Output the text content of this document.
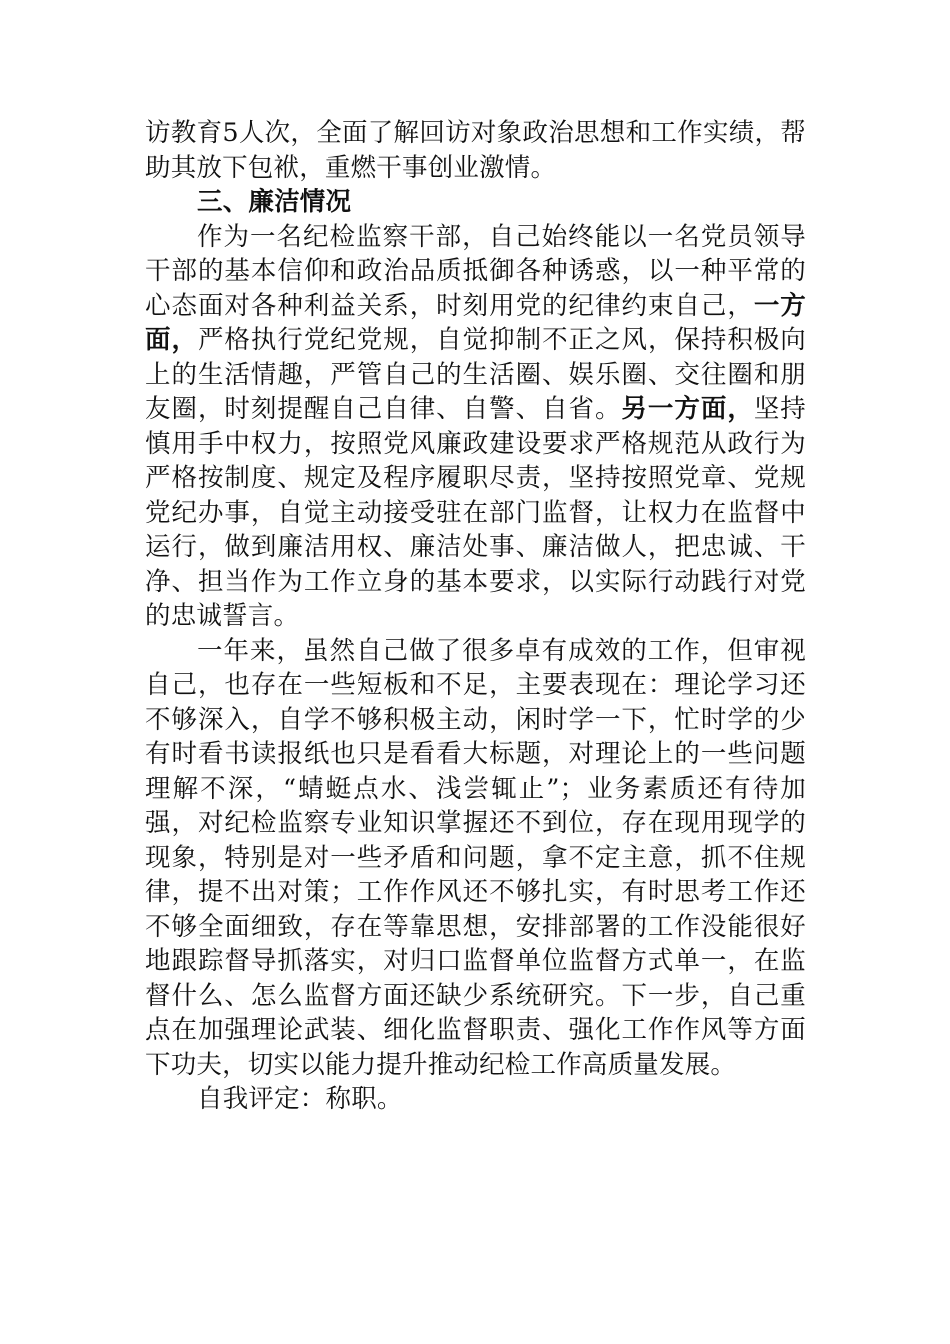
访教育5人次，全面了解回访对象政治思想和工作实绩，帮助其放下包袱，重燃干事创业激情。

三、廉洁情况

作为一名纪检监察干部，自己始终能以一名党员领导干部的基本信仰和政治品质抵御各种诱惑，以一种平常的心态面对各种利益关系，时刻用党的纪律约束自己，一方面，严格执行党纪党规，自觉抑制不正之风，保持积极向上的生活情趣，严管自己的生活圈、娱乐圈、交往圈和朋友圈，时刻提醒自己自律、自警、自省。另一方面，坚持慎用手中权力，按照党风廉政建设要求严格规范从政行为严格按制度、规定及程序履职尽责，坚持按照党章、党规党纪办事，自觉主动接受驻在部门监督，让权力在监督中运行，做到廉洁用权、廉洁处事、廉洁做人，把忠诚、干净、担当作为工作立身的基本要求，以实际行动践行对党的忠诚誓言。

一年来，虽然自己做了很多卓有成效的工作，但审视自己，也存在一些短板和不足，主要表现在：理论学习还不够深入，自学不够积极主动，闲时学一下，忙时学的少有时看书读报纸也只是看看大标题，对理论上的一些问题理解不深，“蜻蜓点水、浅尝辄止”；业务素质还有待加强，对纪检监察专业知识掌握还不到位，存在现用现学的现象，特别是对一些矛盾和问题，拿不定主意，抓不住规律，提不出对策；工作作风还不够扎实，有时思考工作还不够全面细致，存在等靠思想，安排部署的工作没能很好地跟踪督导抓落实，对归口监督单位监督方式单一，在监督什么、怎么监督方面还缺少系统研究。下一步，自己重点在加强理论武装、细化监督职责、强化工作作风等方面下功夫，切实以能力提升推动纪检工作高质量发展。

自我评定：称职。
